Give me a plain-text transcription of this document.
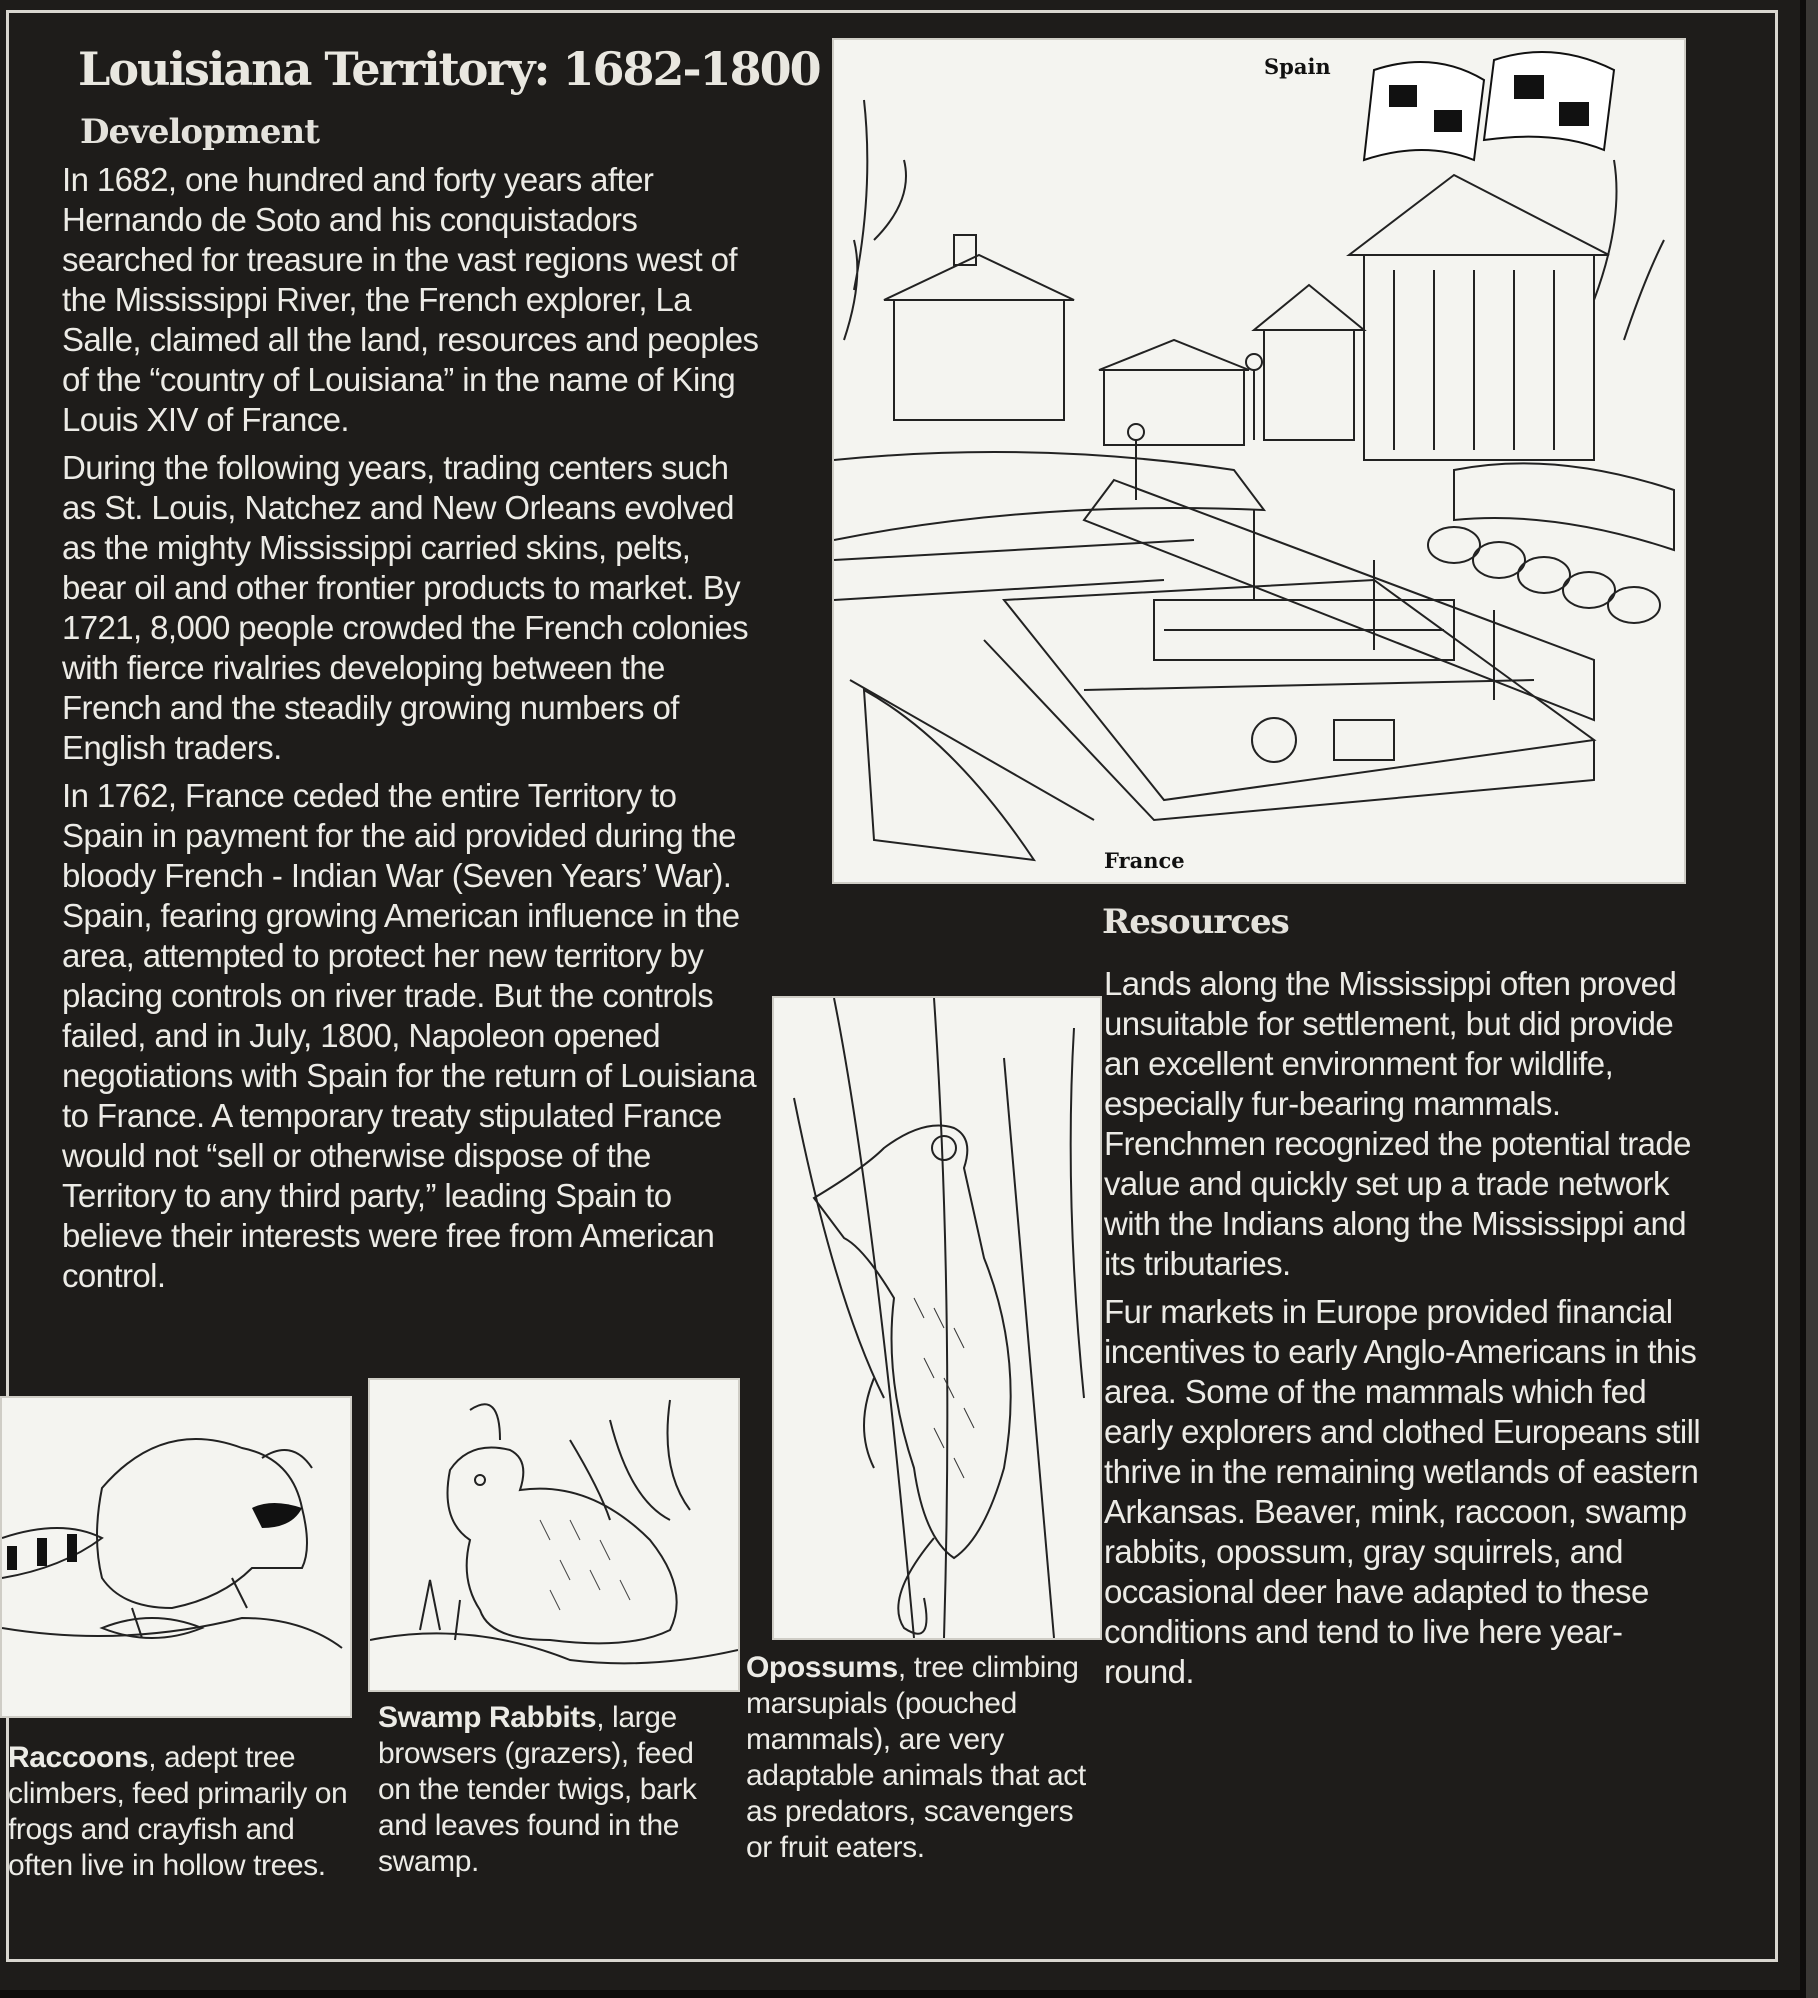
Louisiana Territory: 1682-1800
Development

In 1682, one hundred and forty years after Hernando de Soto and his conquistadors searched for treasure in the vast regions west of the Mississippi River, the French explorer, La Salle, claimed all the land, resources and peoples of the “country of Louisiana” in the name of King Louis XIV of France.

During the following years, trading centers such as St. Louis, Natchez and New Orleans evolved as the mighty Mississippi carried skins, pelts, bear oil and other frontier products to market. By 1721, 8,000 people crowded the French colonies with fierce rivalries developing between the French and the steadily growing numbers of English traders.

In 1762, France ceded the entire Territory to Spain in payment for the aid provided during the bloody French - Indian War (Seven Years’ War). Spain, fearing growing American influence in the area, attempted to protect her new territory by placing controls on river trade. But the controls failed, and in July, 1800, Napoleon opened negotiations with Spain for the return of Louisiana to France. A temporary treaty stipulated France would not “sell or otherwise dispose of the Territory to any third party,” leading Spain to believe their interests were free from American control.

Spain
France
Resources

Lands along the Mississippi often proved unsuitable for settlement, but did provide an excellent environment for wildlife, especially fur-bearing mammals. Frenchmen recognized the potential trade value and quickly set up a trade network with the Indians along the Mississippi and its tributaries.

Fur markets in Europe provided financial incentives to early Anglo-Americans in this area. Some of the mammals which fed early explorers and clothed Europeans still thrive in the remaining wetlands of eastern Arkansas. Beaver, mink, raccoon, swamp rabbits, opossum, gray squirrels, and occasional deer have adapted to these conditions and tend to live here year-round.

Raccoons, adept tree climbers, feed primarily on frogs and crayfish and often live in hollow trees.
Swamp Rabbits, large browsers (grazers), feed on the tender twigs, bark and leaves found in the swamp.
Opossums, tree climbing marsupials (pouched mammals), are very adaptable animals that act as predators, scavengers or fruit eaters.
